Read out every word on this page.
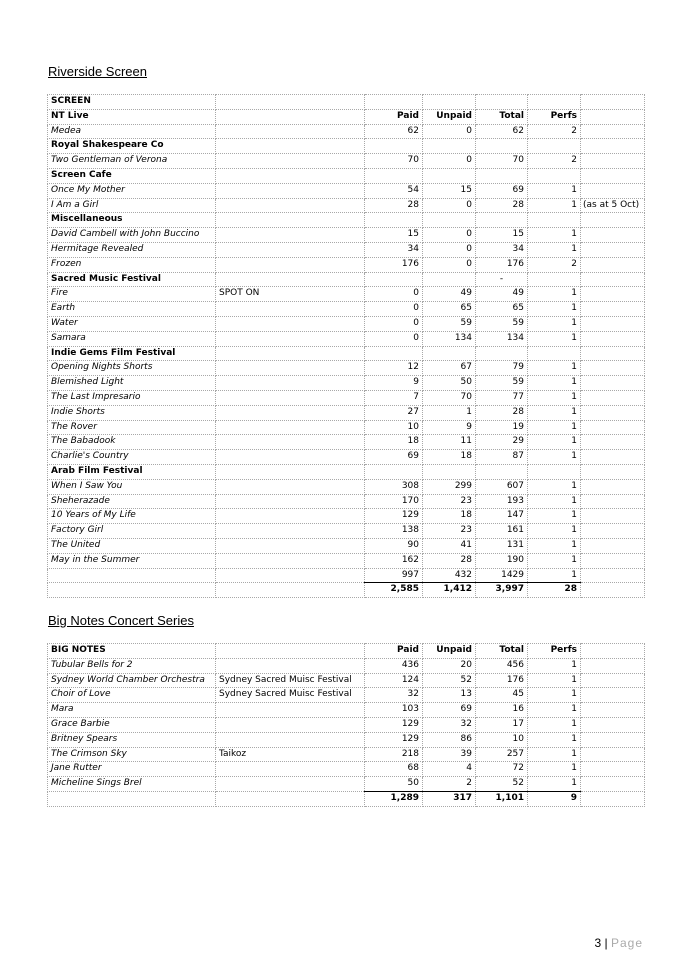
Riverside Screen
SCREEN						
NT Live		Paid	Unpaid	Total	Perfs	
Medea		62	0	62	2	
Royal Shakespeare Co						
Two Gentleman of Verona		70	0	70	2	
Screen Cafe						
Once My Mother		54	15	69	1	
I Am a Girl		28	0	28	1	(as at 5 Oct)
Miscellaneous						
David Cambell with John Buccino		15	0	15	1	
Hermitage Revealed		34	0	34	1	
Frozen		176	0	176	2	
Sacred Music Festival				-		
Fire	SPOT ON	0	49	49	1	
Earth		0	65	65	1	
Water		0	59	59	1	
Samara		0	134	134	1	
Indie Gems Film Festival						
Opening Nights Shorts		12	67	79	1	
Blemished Light		9	50	59	1	
The Last Impresario		7	70	77	1	
Indie Shorts		27	1	28	1	
The Rover		10	9	19	1	
The Babadook		18	11	29	1	
Charlie's Country		69	18	87	1	
Arab Film Festival						
When I Saw You		308	299	607	1	
Sheherazade		170	23	193	1	
10 Years of My Life		129	18	147	1	
Factory Girl		138	23	161	1	
The United		90	41	131	1	
May in the Summer		162	28	190	1	
		997	432	1429	1	
		2,585	1,412	3,997	28	
Big Notes Concert Series
BIG NOTES		Paid	Unpaid	Total	Perfs	
Tubular Bells for 2		436	20	456	1	
Sydney World Chamber Orchestra	Sydney Sacred Muisc Festival	124	52	176	1	
Choir of Love	Sydney Sacred Muisc Festival	32	13	45	1	
Mara		103	69	16	1	
Grace Barbie		129	32	17	1	
Britney Spears		129	86	10	1	
The Crimson Sky	Taikoz	218	39	257	1	
Jane Rutter		68	4	72	1	
Micheline Sings Brel		50	2	52	1	
		1,289	317	1,101	9	
3 | Page
